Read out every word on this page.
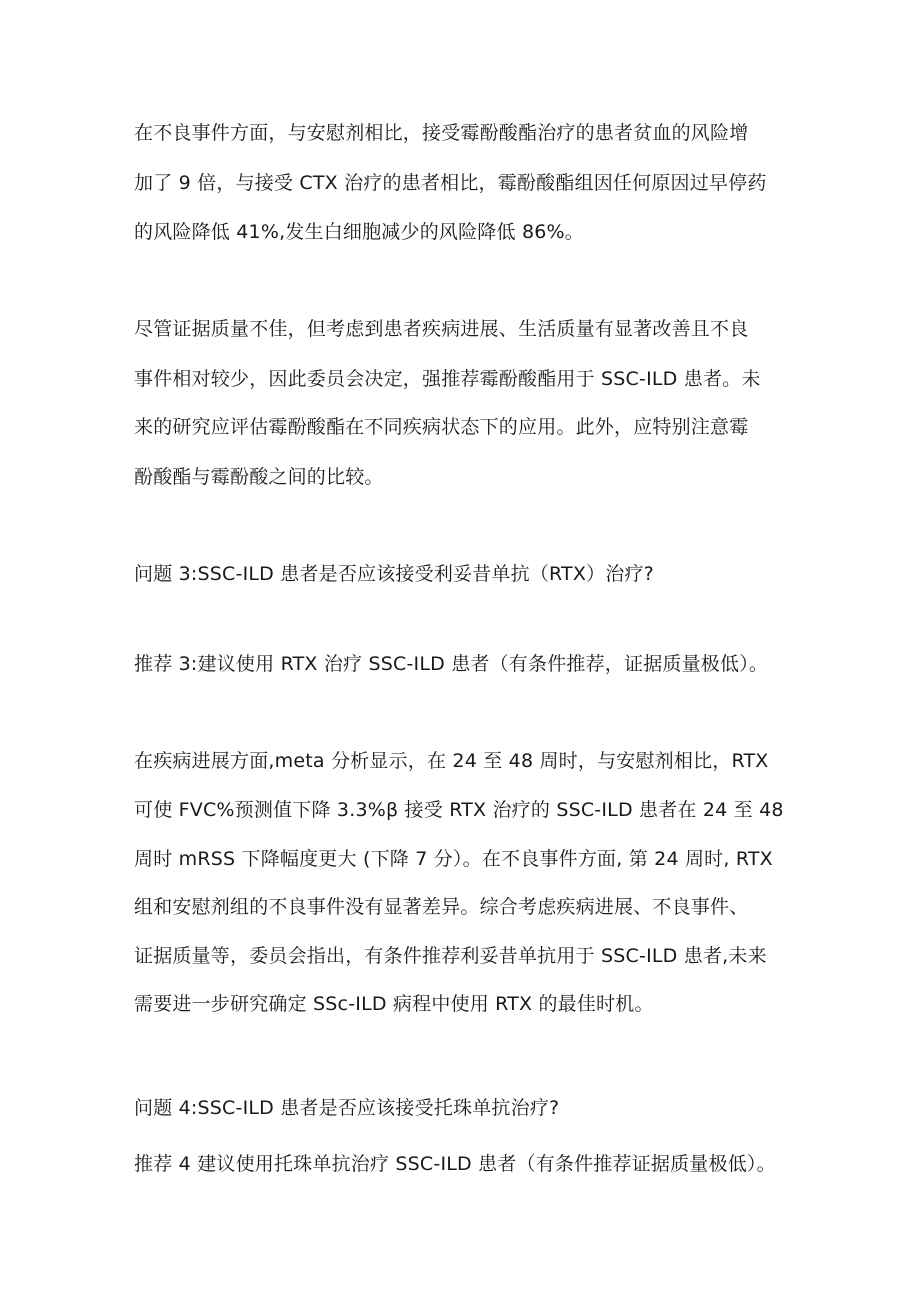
在不良事件方面，与安慰剂相比，接受霉酚酸酯治疗的患者贫血的风险增
加了 9 倍，与接受 CTX 治疗的患者相比，霉酚酸酯组因任何原因过早停药
的风险降低 41%,发生白细胞减少的风险降低 86%。
尽管证据质量不佳，但考虑到患者疾病进展、生活质量有显著改善且不良
事件相对较少，因此委员会决定，强推荐霉酚酸酯用于 SSC-ILD 患者。未
来的研究应评估霉酚酸酯在不同疾病状态下的应用。此外，应特别注意霉
酚酸酯与霉酚酸之间的比较。
问题 3:SSC-ILD 患者是否应该接受利妥昔单抗（RTX）治疗?
推荐 3:建议使用 RTX 治疗 SSC-ILD 患者（有条件推荐，证据质量极低）。
在疾病进展方面,meta 分析显示，在 24 至 48 周时，与安慰剂相比，RTX
可使 FVC%预测值下降 3.3%β 接受 RTX 治疗的 SSC-ILD 患者在 24 至 48
周时 mRSS 下降幅度更大 (下降 7 分）。在不良事件方面, 第 24 周时, RTX
组和安慰剂组的不良事件没有显著差异。综合考虑疾病进展、不良事件、
证据质量等，委员会指出，有条件推荐利妥昔单抗用于 SSC-ILD 患者,未来
需要进一步研究确定 SSc-ILD 病程中使用 RTX 的最佳时机。
问题 4:SSC-ILD 患者是否应该接受托珠单抗治疗?
推荐 4 建议使用托珠单抗治疗 SSC-ILD 患者（有条件推荐证据质量极低）。
